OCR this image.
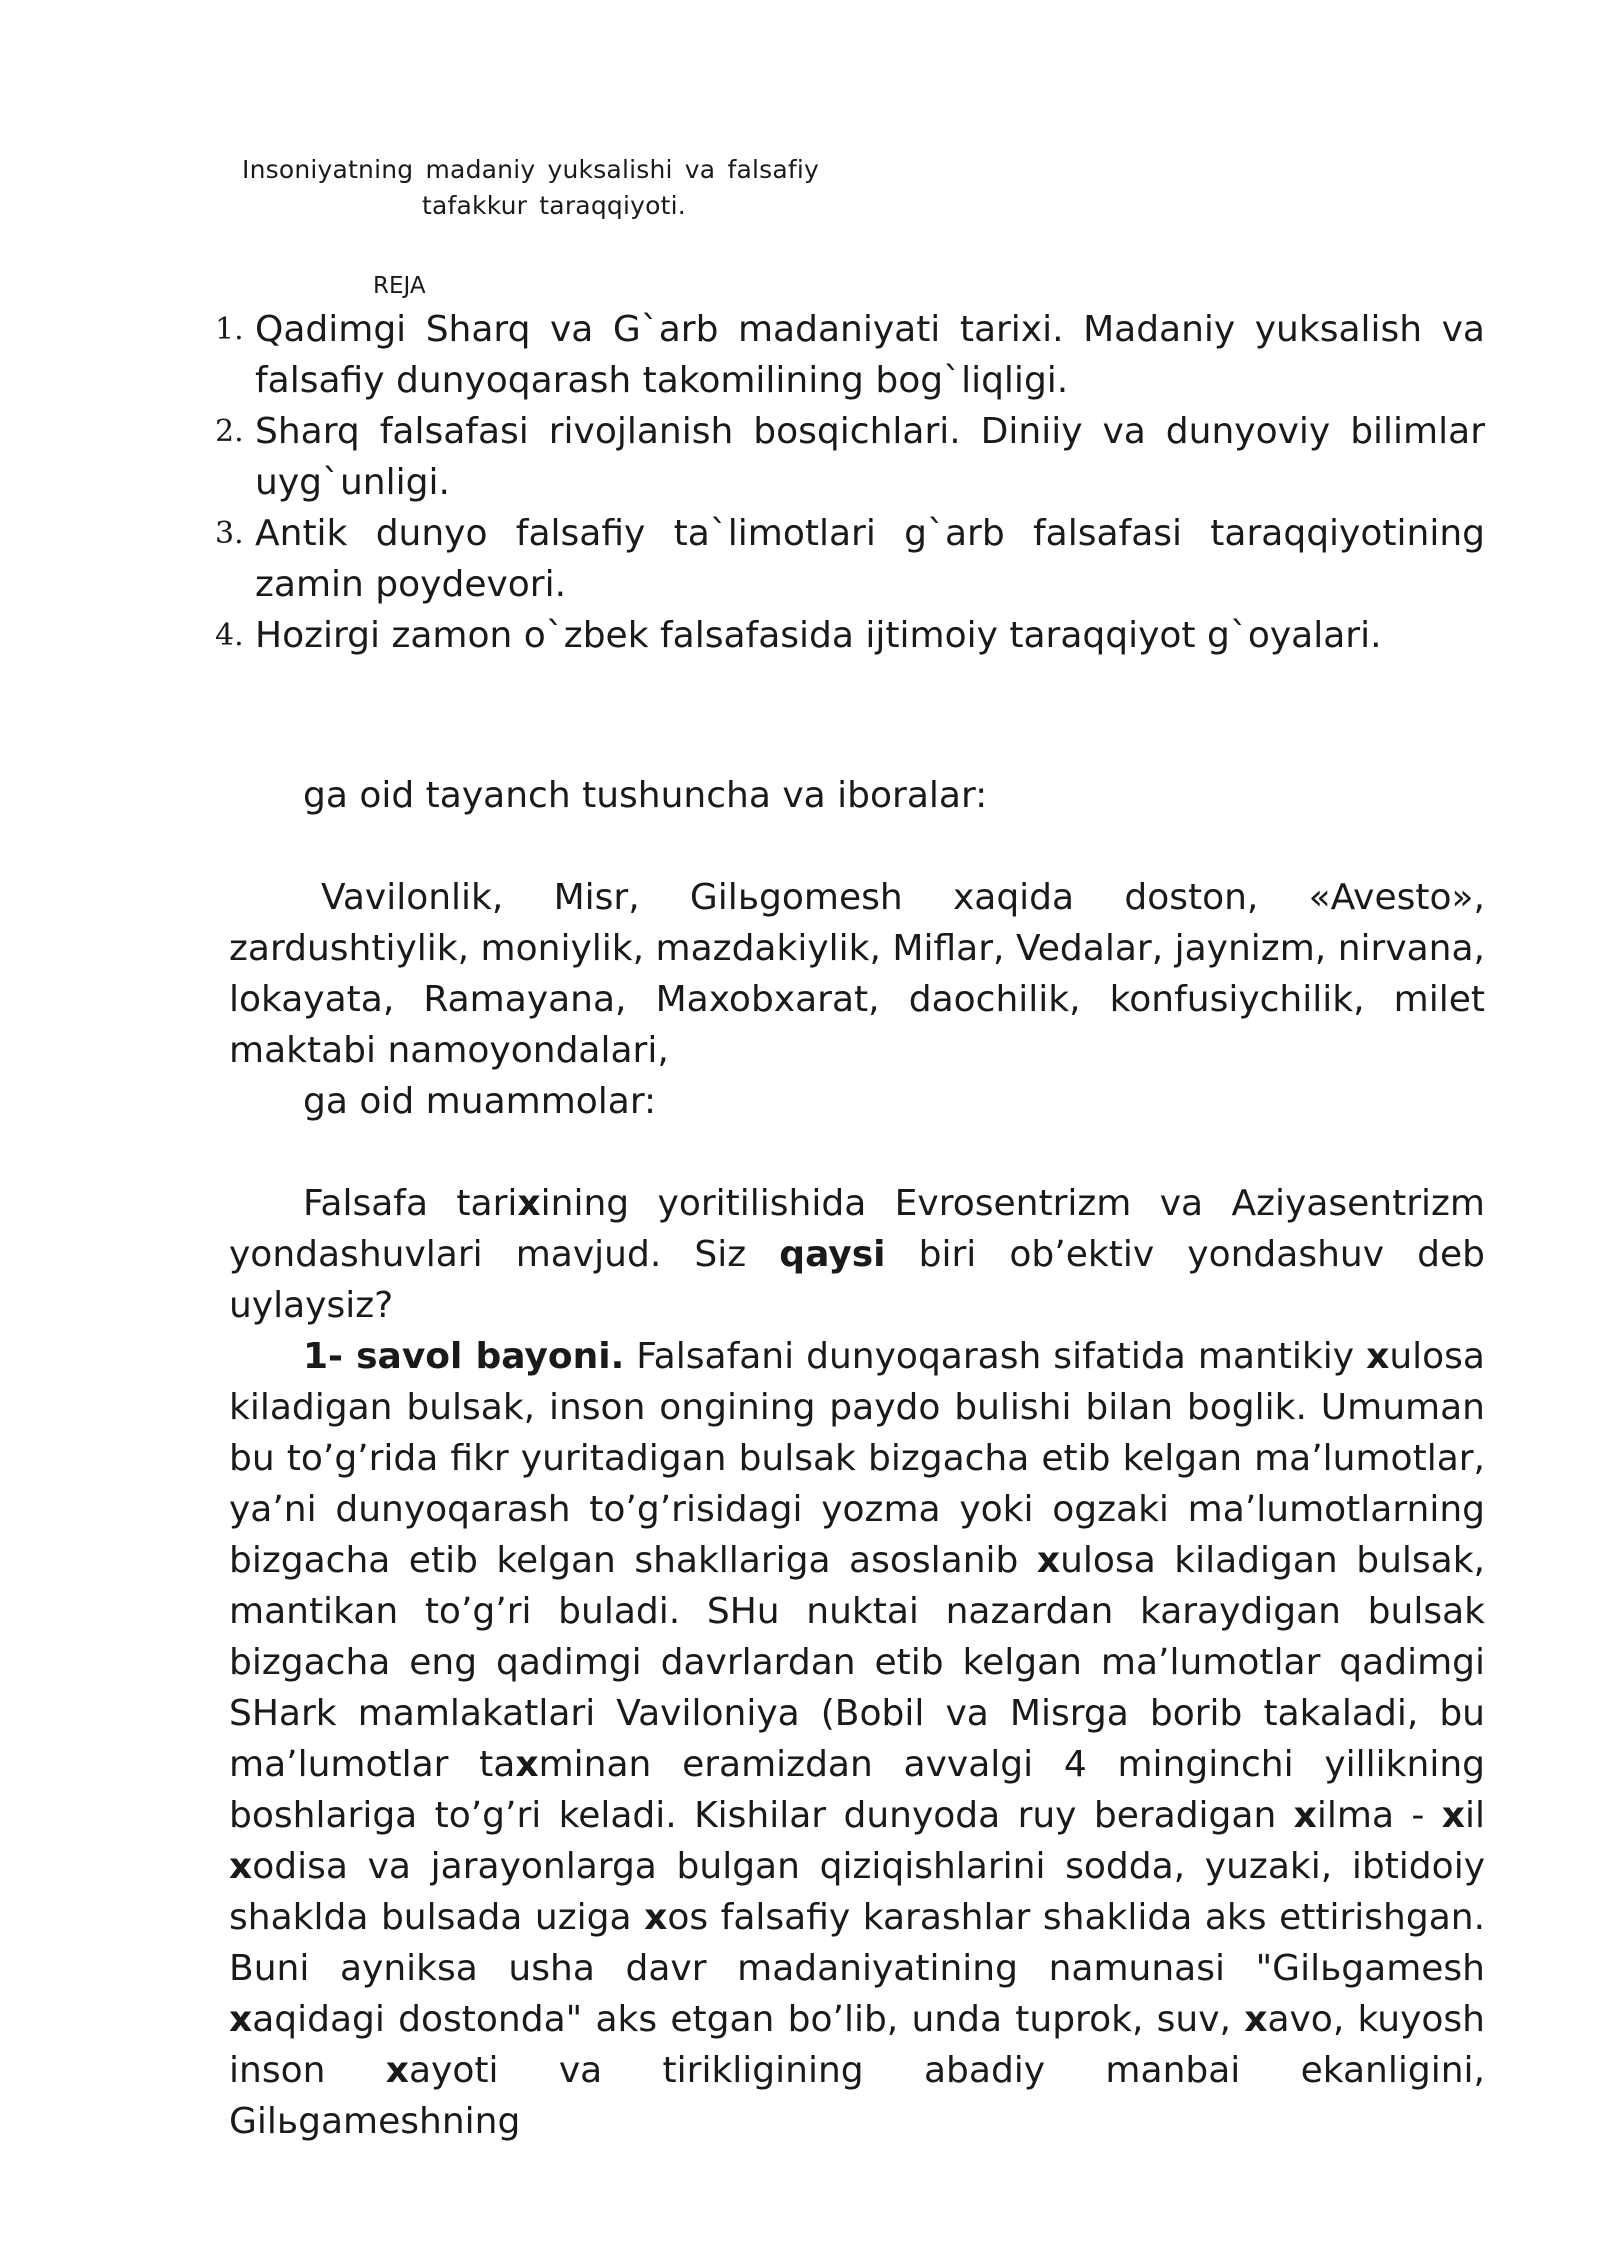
Insoniyatning madaniy yuksalishi va falsafiy
tafakkur taraqqiyoti.
REJA
1. Qadimgi Sharq va G`arb madaniyati tarixi. Madaniy yuksalish va falsafiy dunyoqarash takomilining bog`liqligi.
2. Sharq falsafasi rivojlanish bosqichlari. Diniiy va dunyoviy bilimlar uyg`unligi.
3. Antik dunyo falsafiy ta`limotlari g`arb falsafasi taraqqiyotining zamin poydevori.
4. Hozirgi zamon o`zbek falsafasida ijtimoiy taraqqiyot g`oyalari.

ga oid tayanch tushuncha va iboralar:

Vavilonlik, Misr, Gilьgomesh xaqida doston, «Avesto», zardushtiylik, moniylik, mazdakiylik, Miflar, Vedalar, jaynizm, nirvana, lokayata, Ramayana, Maxobxarat, daochilik, konfusiychilik, milet maktabi namoyondalari,

ga oid muammolar:

Falsafa tarixining yoritilishida Evrosentrizm va Aziyasentrizm yondashuvlari mavjud. Siz qaysi biri ob’ektiv yondashuv deb uylaysiz?

1- savol bayoni. Falsafani dunyoqarash sifatida mantikiy xulosa kiladigan bulsak, inson ongining paydo bulishi bilan boglik. Umuman bu to’g’rida fikr yuritadigan bulsak bizgacha etib kelgan ma’lumotlar, ya’ni dunyoqarash to’g’risidagi yozma yoki ogzaki ma’lumotlarning bizgacha etib kelgan shakllariga asoslanib xulosa kiladigan bulsak, mantikan to’g’ri buladi. SHu nuktai nazardan karaydigan bulsak bizgacha eng qadimgi davrlardan etib kelgan ma’lumotlar qadimgi SHark mamlakatlari Vaviloniya (Bobil va Misrga borib takaladi, bu ma’lumotlar taxminan eramizdan avvalgi 4 minginchi yillikning boshlariga to’g’ri keladi. Kishilar dunyoda ruy beradigan xilma - xil xodisa va jarayonlarga bulgan qiziqishlarini sodda, yuzaki, ibtidoiy shakldа bulsada uziga xos falsafiy karashlar shaklida aks ettirishgan. Buni ayniksa usha davr madaniyatining namunasi "Gilьgamesh xaqidagi dostonda" aks etgan bo’lib, unda tuprok, suv, xavo, kuyosh inson xayoti va tirikligining abadiy manbai ekanligini, Gilьgameshning
